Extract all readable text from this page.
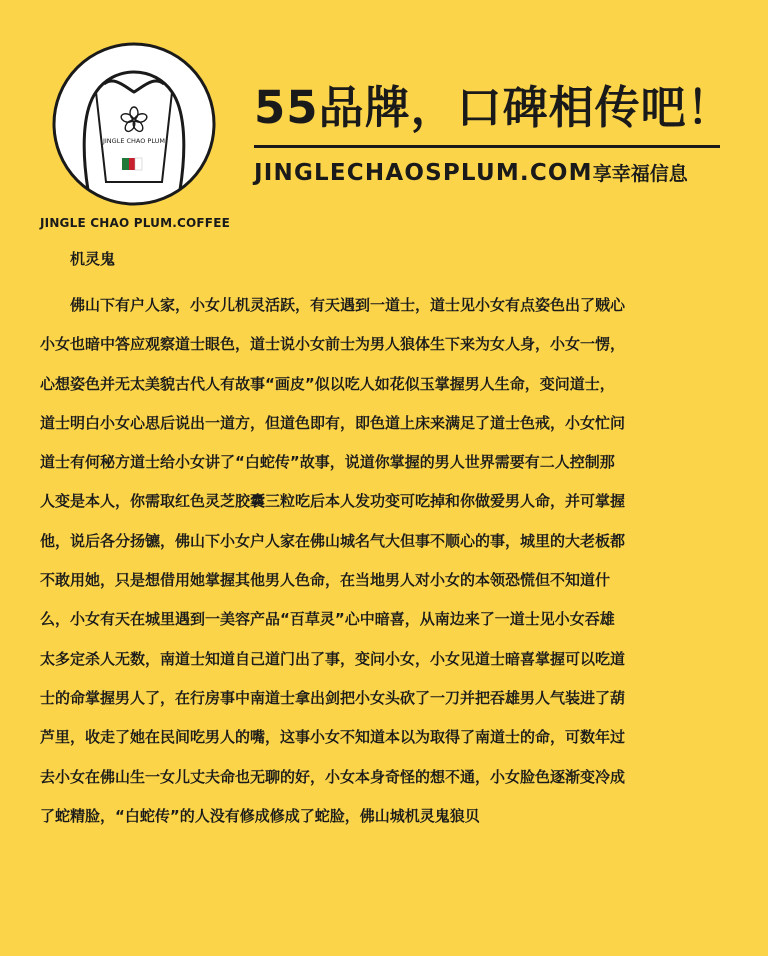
JINGLE CHAO PLUM
JINGLE CHAO PLUM.COFFEE
55品牌，口碑相传吧！
JINGLECHAOSPLUM.COM享幸福信息
机灵鬼
佛山下有户人家，小女儿机灵活跃，有天遇到一道士，道士见小女有点姿色出了贼心
小女也暗中答应观察道士眼色，道士说小女前士为男人狼体生下来为女人身，小女一愣，
心想姿色并无太美貌古代人有故事“画皮”似以吃人如花似玉掌握男人生命，变问道士，
道士明白小女心思后说出一道方，但道色即有，即色道上床来满足了道士色戒，小女忙问
道士有何秘方道士给小女讲了“白蛇传”故事，说道你掌握的男人世界需要有二人控制那
人变是本人，你需取红色灵芝胶囊三粒吃后本人发功变可吃掉和你做爱男人命，并可掌握
他，说后各分扬镳，佛山下小女户人家在佛山城名气大但事不顺心的事，城里的大老板都
不敢用她，只是想借用她掌握其他男人色命，在当地男人对小女的本领恐慌但不知道什
么，小女有天在城里遇到一美容产品“百草灵”心中暗喜，从南边来了一道士见小女吞雄
太多定杀人无数，南道士知道自己道门出了事，变问小女，小女见道士暗喜掌握可以吃道
士的命掌握男人了，在行房事中南道士拿出剑把小女头砍了一刀并把吞雄男人气装进了葫
芦里，收走了她在民间吃男人的嘴，这事小女不知道本以为取得了南道士的命，可数年过
去小女在佛山生一女儿丈夫命也无聊的好，小女本身奇怪的想不通，小女脸色逐渐变冷成
了蛇精脸，“白蛇传”的人没有修成修成了蛇脸，佛山城机灵鬼狼贝
